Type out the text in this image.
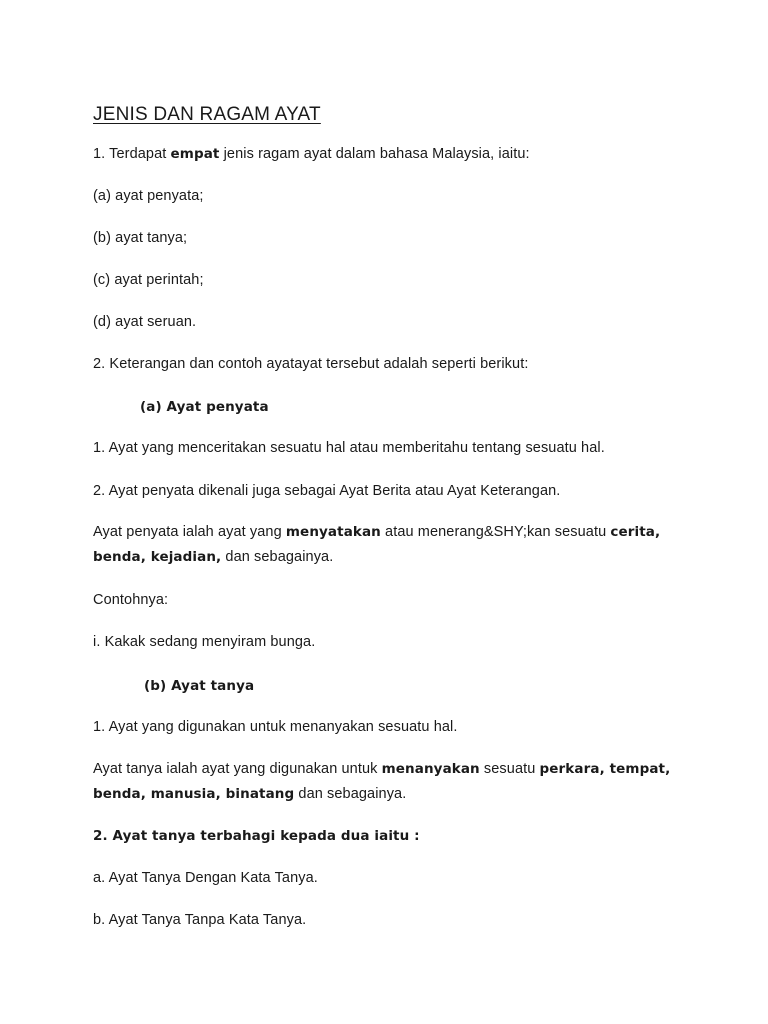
JENIS DAN RAGAM AYAT
1. Terdapat empat jenis ragam ayat dalam bahasa Malaysia, iaitu:
(a) ayat penyata;
(b) ayat tanya;
(c) ayat perintah;
(d) ayat seruan.
2. Keterangan dan contoh ayatayat tersebut adalah seperti berikut:
(a) Ayat penyata
1. Ayat yang menceritakan sesuatu hal atau memberitahu tentang sesuatu hal.
2. Ayat penyata dikenali juga sebagai Ayat Berita atau Ayat Keterangan.
Ayat penyata ialah ayat yang menyatakan atau menerang&SHY;kan sesuatu cerita,
benda, kejadian, dan sebagainya.
Contohnya:
i. Kakak sedang menyiram bunga.
(b) Ayat tanya
1. Ayat yang digunakan untuk menanyakan sesuatu hal.
Ayat tanya ialah ayat yang digunakan untuk menanyakan sesuatu perkara, tempat,
benda, manusia, binatang dan sebagainya.
2. Ayat tanya terbahagi kepada dua iaitu :
a. Ayat Tanya Dengan Kata Tanya.
b. Ayat Tanya Tanpa Kata Tanya.
